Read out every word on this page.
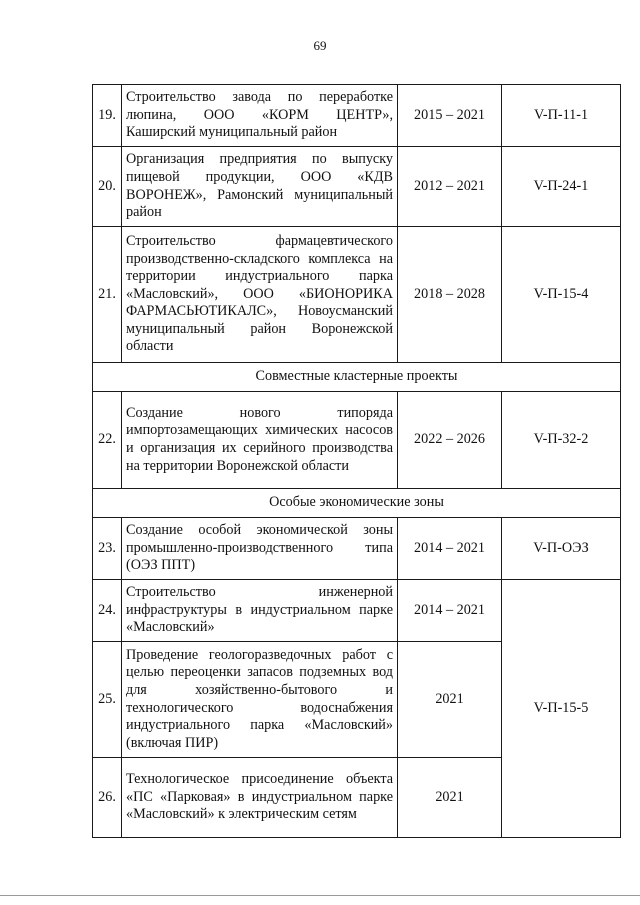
69
19.	Строительство завода по переработке люпина, ООО «КОРМ ЦЕНТР», Каширский муниципальный район	2015 – 2021	V-П-11-1
20.	Организация предприятия по выпуску пищевой продукции, ООО «КДВ ВОРОНЕЖ», Рамонский муниципальный район	2012 – 2021	V-П-24-1
21.	Строительство фармацевтического производственно-складского комплекса на территории индустриального парка «Масловский», ООО «БИОНОРИКА ФАРМАСЬЮТИКАЛС», Новоусманский муниципальный район Воронежской области	2018 – 2028	V-П-15-4
Совместные кластерные проекты			
22.	Создание нового типоряда импортозамещающих химических насосов и организация их серийного производства на территории Воронежской области	2022 – 2026	V-П-32-2
Особые экономические зоны			
23.	Создание особой экономической зоны промышленно-производственного типа (ОЭЗ ППТ)	2014 – 2021	V-П-ОЭЗ
24.	Строительство инженерной инфраструктуры в индустриальном парке «Масловский»	2014 – 2021	V-П-15-5
25.	Проведение геологоразведочных работ с целью переоценки запасов подземных вод для хозяйственно-бытового и технологического водоснабжения индустриального парка «Масловский» (включая ПИР)	2021	
26.	Технологическое присоединение объекта «ПС «Парковая» в индустриальном парке «Масловский» к электрическим сетям	2021	
